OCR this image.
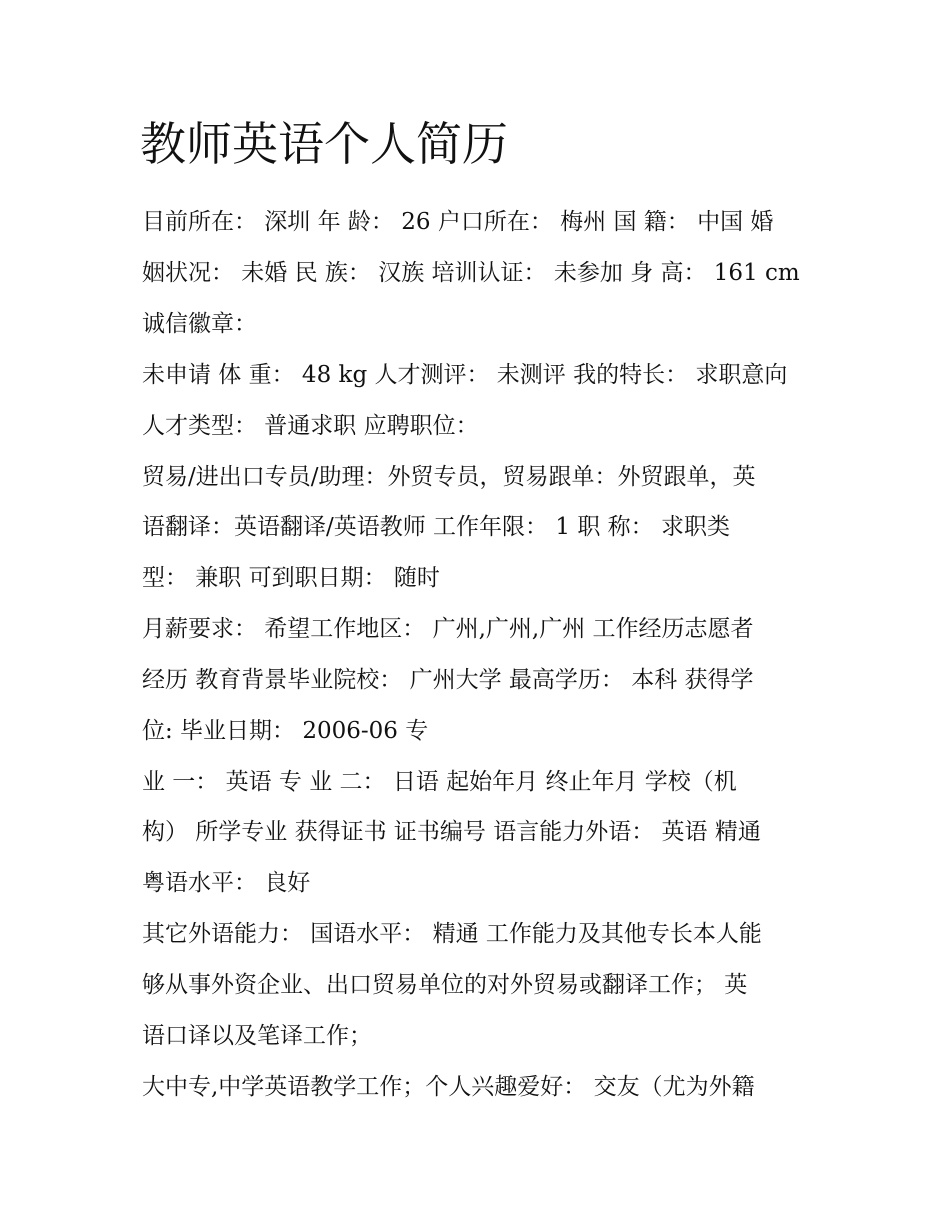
教师英语个人简历

目前所在： 深圳 年 龄： 26 户口所在： 梅州 国 籍： 中国 婚

姻状况： 未婚 民 族： 汉族 培训认证： 未参加 身 高： 161 cm

诚信徽章：

未申请 体 重： 48 kg 人才测评： 未测评 我的特长： 求职意向

人才类型： 普通求职 应聘职位：

贸易/进出口专员/助理：外贸专员，贸易跟单：外贸跟单，英

语翻译：英语翻译/英语教师 工作年限： 1 职 称： 求职类

型： 兼职 可到职日期： 随时

月薪要求： 希望工作地区： 广州,广州,广州 工作经历志愿者

经历 教育背景毕业院校： 广州大学 最高学历： 本科 获得学

位: 毕业日期： 2006-06 专

业 一： 英语 专 业 二： 日语 起始年月 终止年月 学校（机

构） 所学专业 获得证书 证书编号 语言能力外语： 英语 精通

粤语水平： 良好

其它外语能力： 国语水平： 精通 工作能力及其他专长本人能

够从事外资企业、出口贸易单位的对外贸易或翻译工作； 英

语口译以及笔译工作；

大中专,中学英语教学工作；个人兴趣爱好： 交友（尤为外籍
